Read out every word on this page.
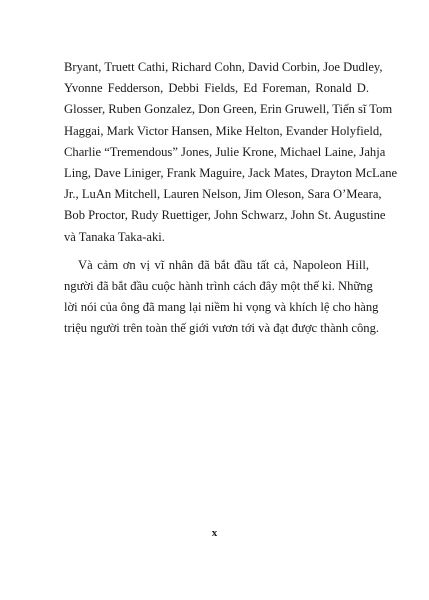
Bryant, Truett Cathi, Richard Cohn, David Corbin, Joe Dudley,
Yvonne Fedderson, Debbi Fields, Ed Foreman, Ronald D.
Glosser, Ruben Gonzalez, Don Green, Erin Gruwell, Tiến sĩ Tom
Haggai, Mark Victor Hansen, Mike Helton, Evander Holyfield,
Charlie “Tremendous” Jones, Julie Krone, Michael Laine, Jahja
Ling, Dave Liniger, Frank Maguire, Jack Mates, Drayton McLane
Jr., LuAn Mitchell, Lauren Nelson, Jim Oleson, Sara O’Meara,
Bob Proctor, Rudy Ruettiger, John Schwarz, John St. Augustine
và Tanaka Taka-aki.
Và cảm ơn vị vĩ nhân đã bắt đầu tất cả, Napoleon Hill,
người đã bắt đầu cuộc hành trình cách đây một thế kỉ. Những
lời nói của ông đã mang lại niềm hi vọng và khích lệ cho hàng
triệu người trên toàn thế giới vươn tới và đạt được thành công.
x
